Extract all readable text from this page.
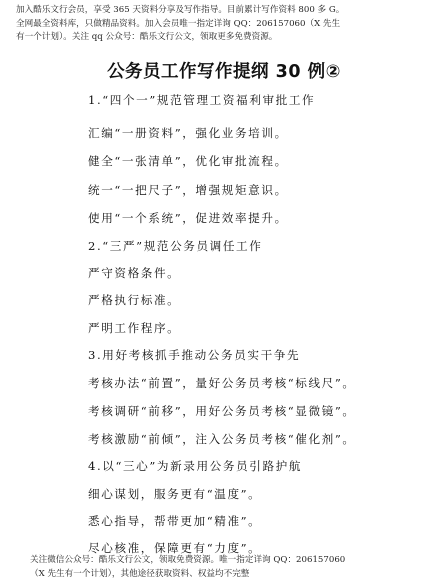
加入酷乐文行会员，享受 365 天资料分享及写作指导。目前累计写作资料 800 多 G。
全网最全资料库，只做精品资料。加入会员唯一指定详询 QQ：206157060（X 先生
有一个计划）。关注 qq 公众号：酷乐文行公文，领取更多免费资源。
公务员工作写作提纲 30 例②
1.“四个一”规范管理工资福利审批工作
汇编“一册资料”，强化业务培训。
健全“一张清单”，优化审批流程。
统一“一把尺子”，增强规矩意识。
使用“一个系统”，促进效率提升。
2.“三严”规范公务员调任工作
严守资格条件。
严格执行标准。
严明工作程序。
3.用好考核抓手推动公务员实干争先
考核办法“前置”，量好公务员考核“标线尺”。
考核调研“前移”，用好公务员考核“显微镜”。
考核激励“前倾”，注入公务员考核“催化剂”。
4.以“三心”为新录用公务员引路护航
细心谋划，服务更有“温度”。
悉心指导，帮带更加“精准”。
尽心核准，保障更有“力度”。
关注微信公众号：酷乐文行公文，领取免费资源。唯一指定详询 QQ：206157060
（X 先生有一个计划），其他途径获取资料、权益均不完整
